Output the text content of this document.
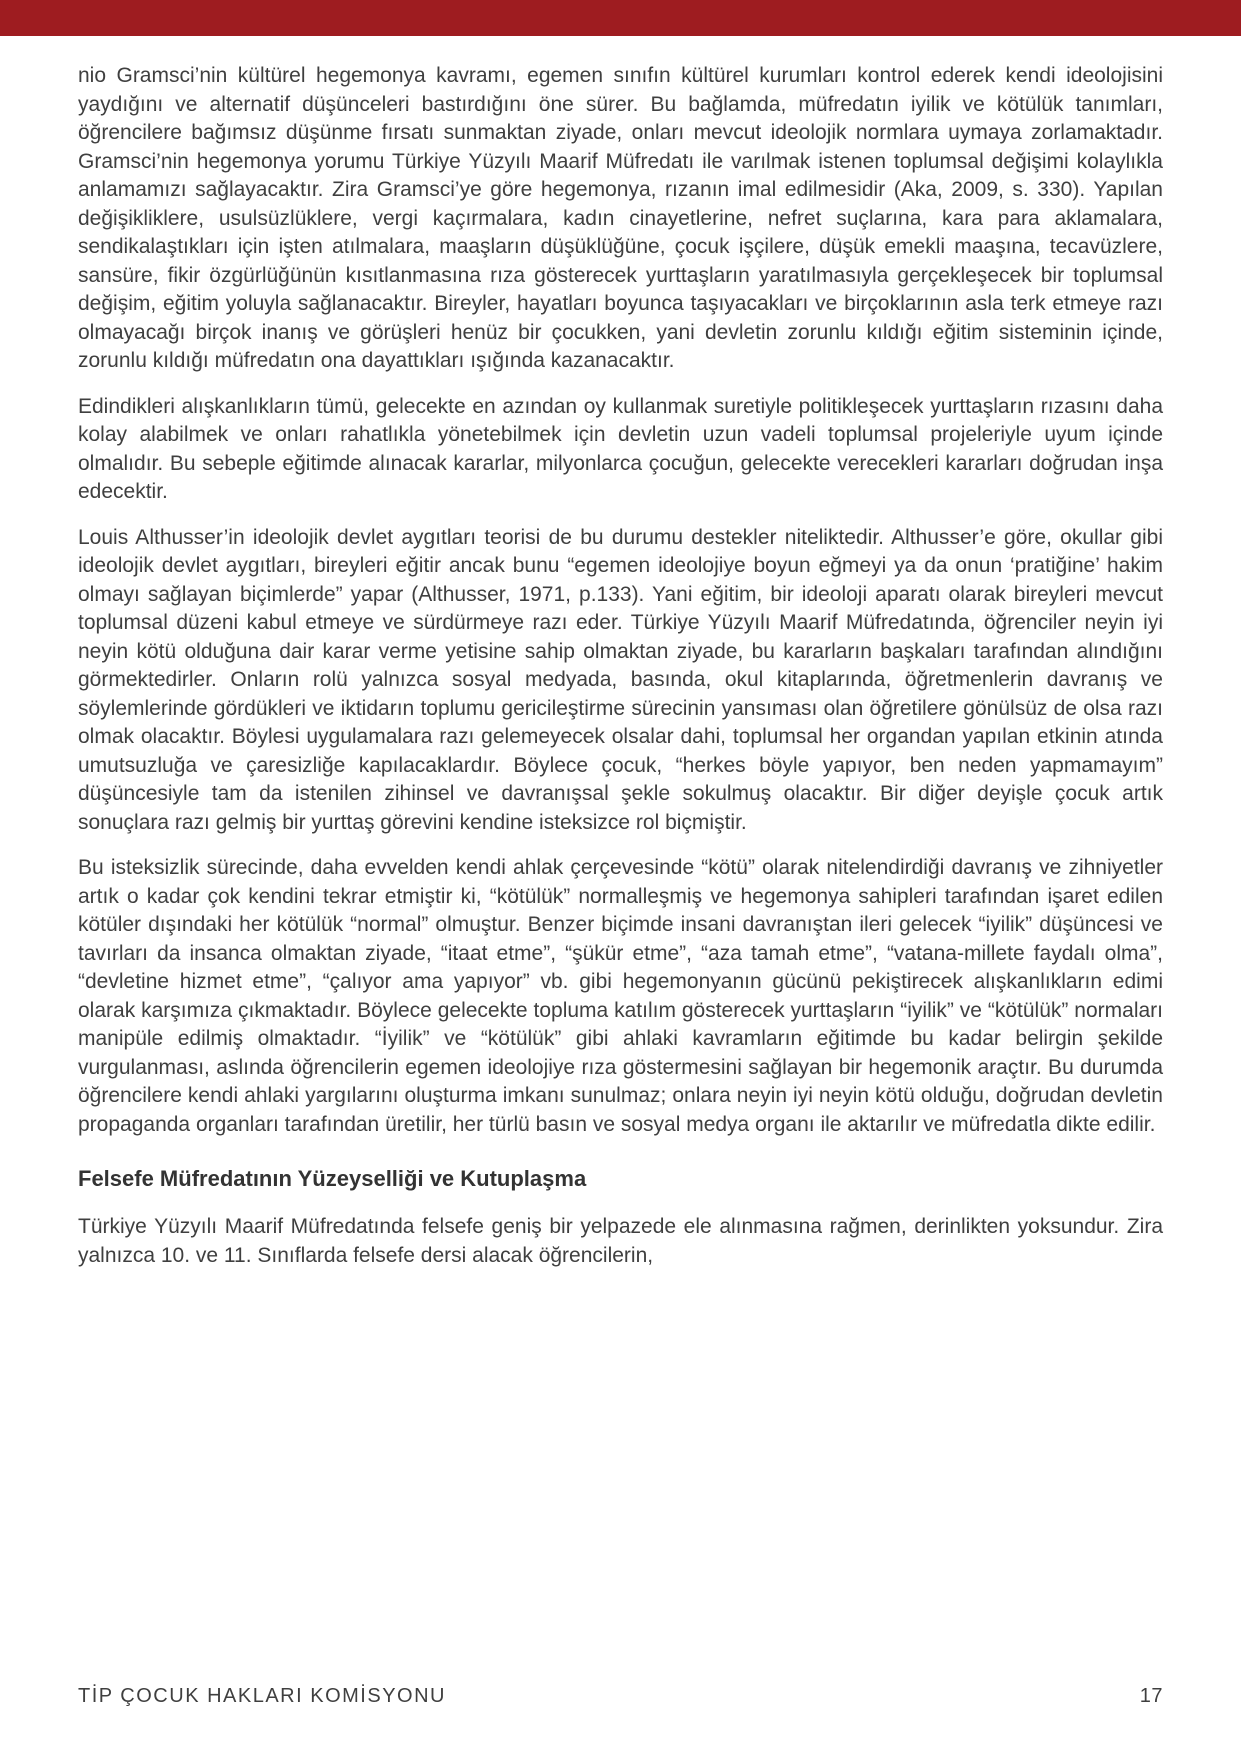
nio Gramsci’nin kültürel hegemonya kavramı, egemen sınıfın kültürel kurumları kontrol ederek kendi ideolojisini yaydığını ve alternatif düşünceleri bastırdığını öne sürer. Bu bağlamda, müfredatın iyilik ve kötülük tanımları, öğrencilere bağımsız düşünme fırsatı sunmaktan ziyade, onları mevcut ideolojik normlara uymaya zorlamaktadır. Gramsci’nin hegemonya yorumu Türkiye Yüzyılı Maarif Müfredatı ile varılmak istenen toplumsal değişimi kolaylıkla anlamamızı sağlayacaktır. Zira Gramsci’ye göre hegemonya, rızanın imal edilmesidir (Aka, 2009, s. 330). Yapılan değişikliklere, usulsüzlüklere, vergi kaçırmalara, kadın cinayetlerine, nefret suçlarına, kara para aklamalara, sendikalaştıkları için işten atılmalara, maaşların düşüklüğüne, çocuk işçilere, düşük emekli maaşına, tecavüzlere, sansüre, fikir özgürlüğünün kısıtlanmasına rıza gösterecek yurttaşların yaratılmasıyla gerçekleşecek bir toplumsal değişim, eğitim yoluyla sağlanacaktır. Bireyler, hayatları boyunca taşıyacakları ve birçoklarının asla terk etmeye razı olmayacağı birçok inanış ve görüşleri henüz bir çocukken, yani devletin zorunlu kıldığı eğitim sisteminin içinde, zorunlu kıldığı müfredatın ona dayattıkları ışığında kazanacaktır.

Edindikleri alışkanlıkların tümü, gelecekte en azından oy kullanmak suretiyle politikleşecek yurttaşların rızasını daha kolay alabilmek ve onları rahatlıkla yönetebilmek için devletin uzun vadeli toplumsal projeleriyle uyum içinde olmalıdır. Bu sebeple eğitimde alınacak kararlar, milyonlarca çocuğun, gelecekte verecekleri kararları doğrudan inşa edecektir.

Louis Althusser’in ideolojik devlet aygıtları teorisi de bu durumu destekler niteliktedir. Althusser’e göre, okullar gibi ideolojik devlet aygıtları, bireyleri eğitir ancak bunu “egemen ideolojiye boyun eğmeyi ya da onun ‘pratiğine’ hakim olmayı sağlayan biçimlerde” yapar (Althusser, 1971, p.133). Yani eğitim, bir ideoloji aparatı olarak bireyleri mevcut toplumsal düzeni kabul etmeye ve sürdürmeye razı eder. Türkiye Yüzyılı Maarif Müfredatında, öğrenciler neyin iyi neyin kötü olduğuna dair karar verme yetisine sahip olmaktan ziyade, bu kararların başkaları tarafından alındığını görmektedirler. Onların rolü yalnızca sosyal medyada, basında, okul kitaplarında, öğretmenlerin davranış ve söylemlerinde gördükleri ve iktidarın toplumu gericileştirme sürecinin yansıması olan öğretilere gönülsüz de olsa razı olmak olacaktır. Böylesi uygulamalara razı gelemeyecek olsalar dahi, toplumsal her organdan yapılan etkinin atında umutsuzluğa ve çaresizliğe kapılacaklardır. Böylece çocuk, “herkes böyle yapıyor, ben neden yapmamayım” düşüncesiyle tam da istenilen zihinsel ve davranışsal şekle sokulmuş olacaktır. Bir diğer deyişle çocuk artık sonuçlara razı gelmiş bir yurttaş görevini kendine isteksizce rol biçmiştir.

Bu isteksizlik sürecinde, daha evvelden kendi ahlak çerçevesinde “kötü” olarak nitelendirdiği davranış ve zihniyetler artık o kadar çok kendini tekrar etmiştir ki, “kötülük” normalleşmiş ve hegemonya sahipleri tarafından işaret edilen kötüler dışındaki her kötülük “normal” olmuştur. Benzer biçimde insani davranıştan ileri gelecek “iyilik” düşüncesi ve tavırları da insanca olmaktan ziyade, “itaat etme”, “şükür etme”, “aza tamah etme”, “vatana-millete faydalı olma”, “devletine hizmet etme”, “çalıyor ama yapıyor” vb. gibi hegemonyanın gücünü pekiştirecek alışkanlıkların edimi olarak karşımıza çıkmaktadır. Böylece gelecekte topluma katılım gösterecek yurttaşların “iyilik” ve “kötülük” normaları manipüle edilmiş olmaktadır. “İyilik” ve “kötülük” gibi ahlaki kavramların eğitimde bu kadar belirgin şekilde vurgulanması, aslında öğrencilerin egemen ideolojiye rıza göstermesini sağlayan bir hegemonik araçtır. Bu durumda öğrencilere kendi ahlaki yargılarını oluşturma imkanı sunulmaz; onlara neyin iyi neyin kötü olduğu, doğrudan devletin propaganda organları tarafından üretilir, her türlü basın ve sosyal medya organı ile aktarılır ve müfredatla dikte edilir.

Felsefe Müfredatının Yüzeyselliği ve Kutuplaşma

Türkiye Yüzyılı Maarif Müfredatında felsefe geniş bir yelpazede ele alınmasına rağmen, derinlikten yoksundur. Zira yalnızca 10. ve 11. Sınıflarda felsefe dersi alacak öğrencilerin,

TİP ÇOCUK HAKLARI KOMİSYONU	17
